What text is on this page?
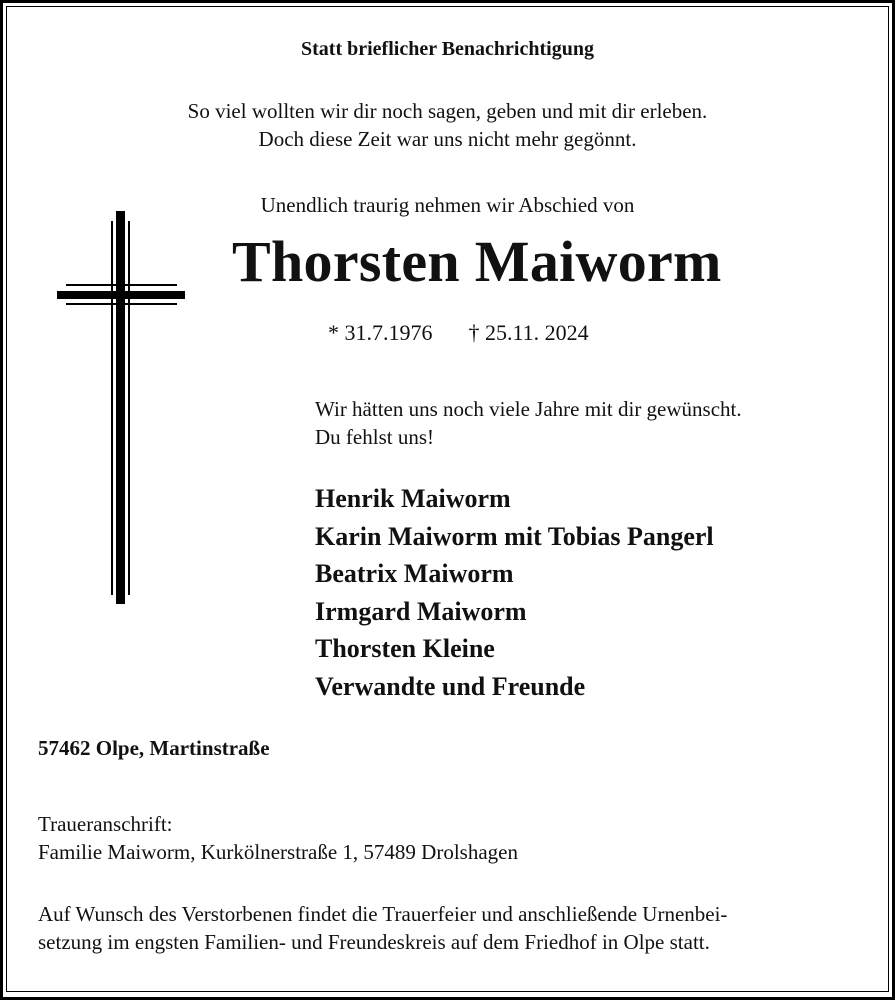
Statt brieflicher Benachrichtigung
So viel wollten wir dir noch sagen, geben und mit dir erleben.
Doch diese Zeit war uns nicht mehr gegönnt.
Unendlich traurig nehmen wir Abschied von
Thorsten Maiworm
* 31.7.1976 † 25.11. 2024
Wir hätten uns noch viele Jahre mit dir gewünscht.
Du fehlst uns!
Henrik Maiworm
Karin Maiworm mit Tobias Pangerl
Beatrix Maiworm
Irmgard Maiworm
Thorsten Kleine
Verwandte und Freunde
57462 Olpe, Martinstraße
Traueranschrift:
Familie Maiworm, Kurkölnerstraße 1, 57489 Drolshagen
Auf Wunsch des Verstorbenen findet die Trauerfeier und anschließende Urnenbei-
setzung im engsten Familien- und Freundeskreis auf dem Friedhof in Olpe statt.
